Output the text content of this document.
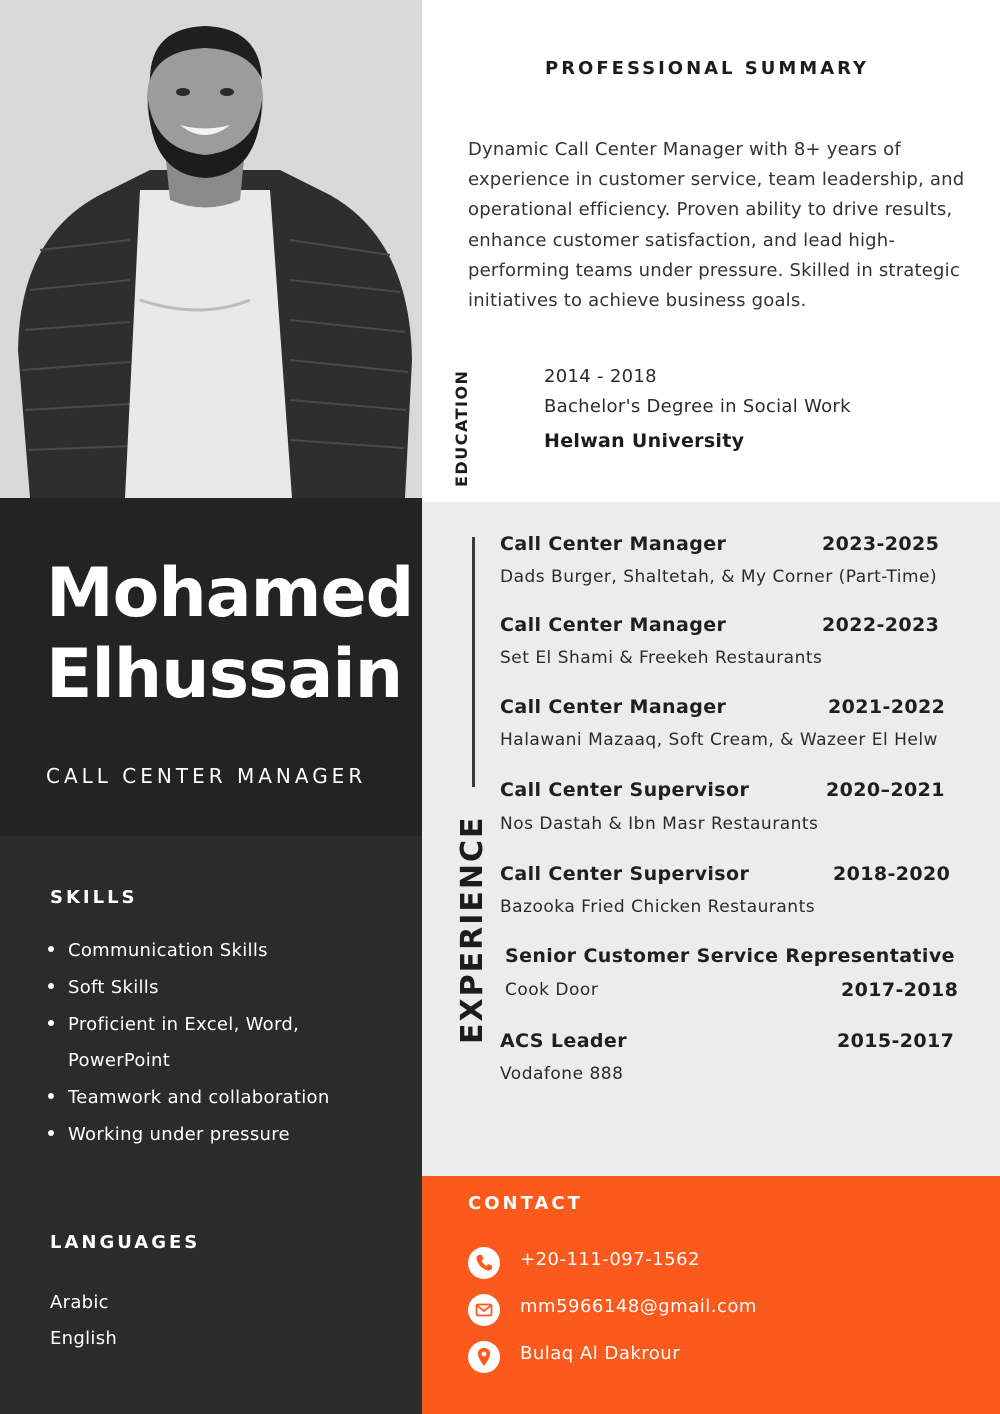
Mohamed
Elhussain
CALL CENTER MANAGER
PROFESSIONAL SUMMARY
Dynamic Call Center Manager with 8+ years of experience in customer service, team leadership, and operational efficiency. Proven ability to drive results, enhance customer satisfaction, and lead high-performing teams under pressure. Skilled in strategic initiatives to achieve business goals.
EDUCATION	2014 - 2018
Bachelor's Degree in Social Work
Helwan University
EXPERIENCE
Call Center Manager	2023-2025
Dads Burger, Shaltetah, & My Corner (Part-Time)
Call Center Manager	2022-2023
Set El Shami & Freekeh Restaurants
Call Center Manager	2021-2022
Halawani Mazaaq, Soft Cream, & Wazeer El Helw
Call Center Supervisor	2020–2021
Nos Dastah & Ibn Masr Restaurants
Call Center Supervisor	2018-2020
Bazooka Fried Chicken Restaurants
Senior Customer Service Representative
Cook Door	2017-2018
ACS Leader	2015-2017
Vodafone 888
SKILLS
Communication Skills
Soft Skills
Proficient in Excel, Word,
PowerPoint
Teamwork and collaboration
Working under pressure
LANGUAGES
Arabic
English
CONTACT
+20-111-097-1562
mm5966148@gmail.com
Bulaq Al Dakrour
